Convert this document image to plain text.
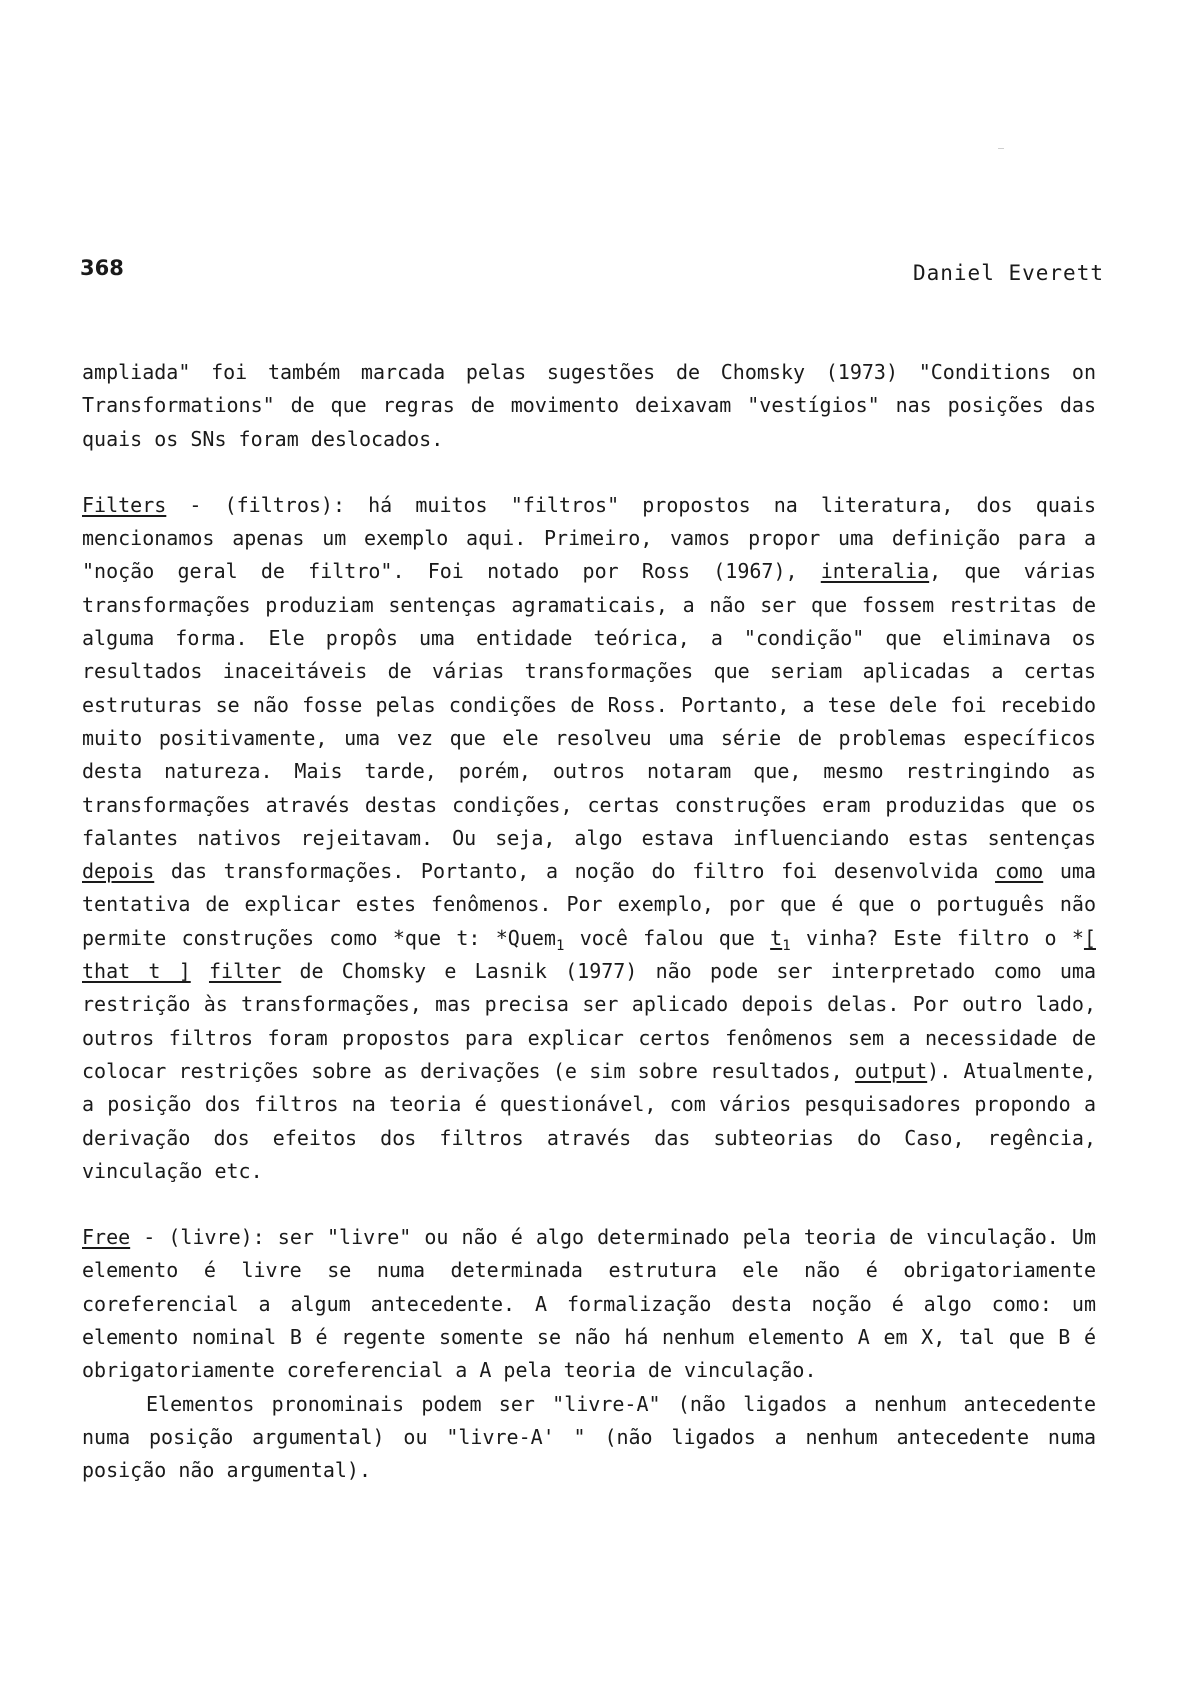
368	Daniel Everett

ampliada" foi também marcada pelas sugestões de Chomsky (1973) "Conditions on Transformations" de que regras de movimento deixavam "vestígios" nas posições das quais os SNs foram deslocados.

Filters - (filtros): há muitos "filtros" propostos na literatura, dos quais mencionamos apenas um exemplo aqui. Primeiro, vamos propor uma definição para a "noção geral de filtro". Foi notado por Ross (1967), interalia, que várias transformações produziam sentenças agramaticais, a não ser que fossem restritas de alguma forma. Ele propôs uma entidade teórica, a "condição" que eliminava os resultados inaceitáveis de várias transformações que seriam aplicadas a certas estruturas se não fosse pelas condições de Ross. Portanto, a tese dele foi recebido muito positivamente, uma vez que ele resolveu uma série de problemas específicos desta natureza. Mais tarde, porém, outros notaram que, mesmo restringindo as transformações através destas condições, certas construções eram produzidas que os falantes nativos rejeitavam. Ou seja, algo estava influenciando estas sentenças depois das transformações. Portanto, a noção do filtro foi desenvolvida como uma tentativa de explicar estes fenômenos. Por exemplo, por que é que o português não permite construções como *que t: *Quem$_1$ você falou que $t_1$ vinha? Este filtro o *[ that t ] filter de Chomsky e Lasnik (1977) não pode ser interpretado como uma restrição às transformações, mas precisa ser aplicado depois delas. Por outro lado, outros filtros foram propostos para explicar certos fenômenos sem a necessidade de colocar restrições sobre as derivações (e sim sobre resultados, output). Atualmente, a posição dos filtros na teoria é questionável, com vários pesquisadores propondo a derivação dos efeitos dos filtros através das subteorias do Caso, regência, vinculação etc.

Free - (livre): ser "livre" ou não é algo determinado pela teoria de vinculação. Um elemento é livre se numa determinada estrutura ele não é obrigatoriamente coreferencial a algum antecedente. A formalização desta noção é algo como: um elemento nominal B é regente somente se não há nenhum elemento A em X, tal que B é obrigatoriamente coreferencial a A pela teoria de vinculação.

Elementos pronominais podem ser "livre-A" (não ligados a nenhum antecedente numa posição argumental) ou "livre-A' " (não ligados a nenhum antecedente numa posição não argumental).
